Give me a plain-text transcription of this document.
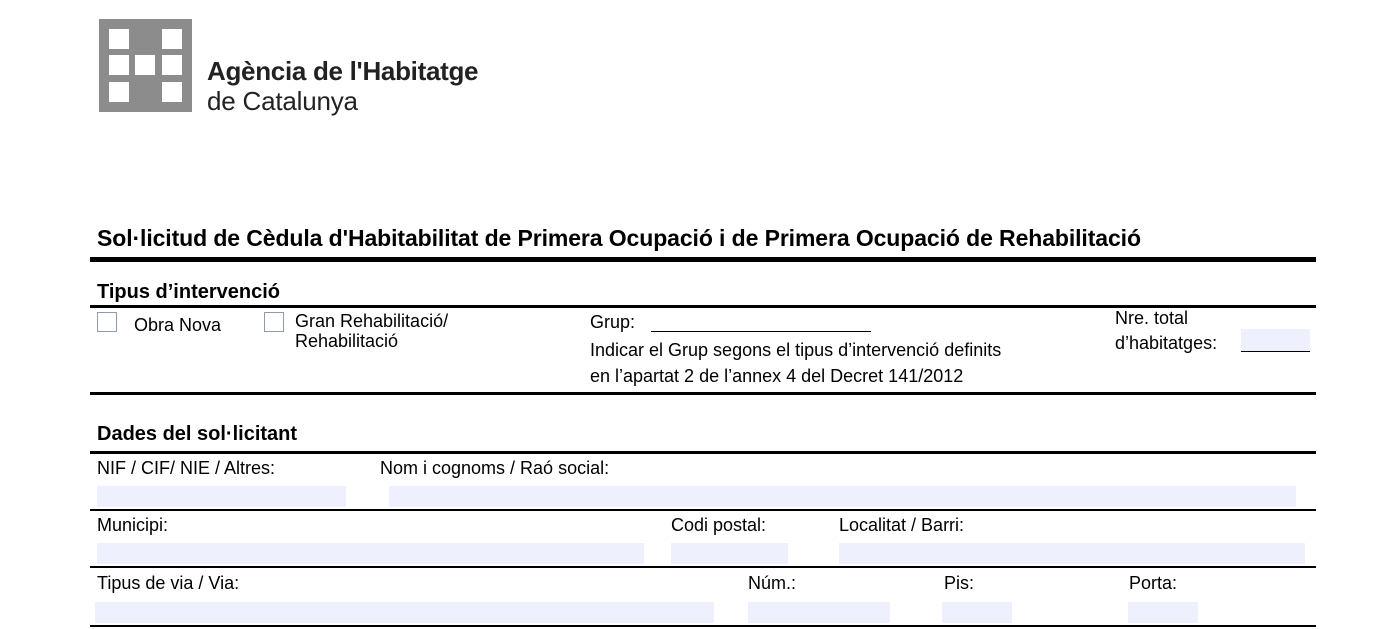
Agència de l'Habitatge
de Catalunya
Sol·licitud de Cèdula d'Habitabilitat de Primera Ocupació i de Primera Ocupació de Rehabilitació
Tipus d’intervenció
Obra Nova	Gran Rehabilitació/
Rehabilitació
Grup:
Indicar el Grup segons el tipus d’intervenció definits
en l’apartat 2 de l’annex 4 del Decret 141/2012
Nre. total
d’habitatges:
Dades del sol·licitant
NIF / CIF/ NIE / Altres:	Nom i cognoms / Raó social:
Municipi:	Codi postal:	Localitat / Barri:
Tipus de via / Via:	Núm.:	Pis:	Porta:
